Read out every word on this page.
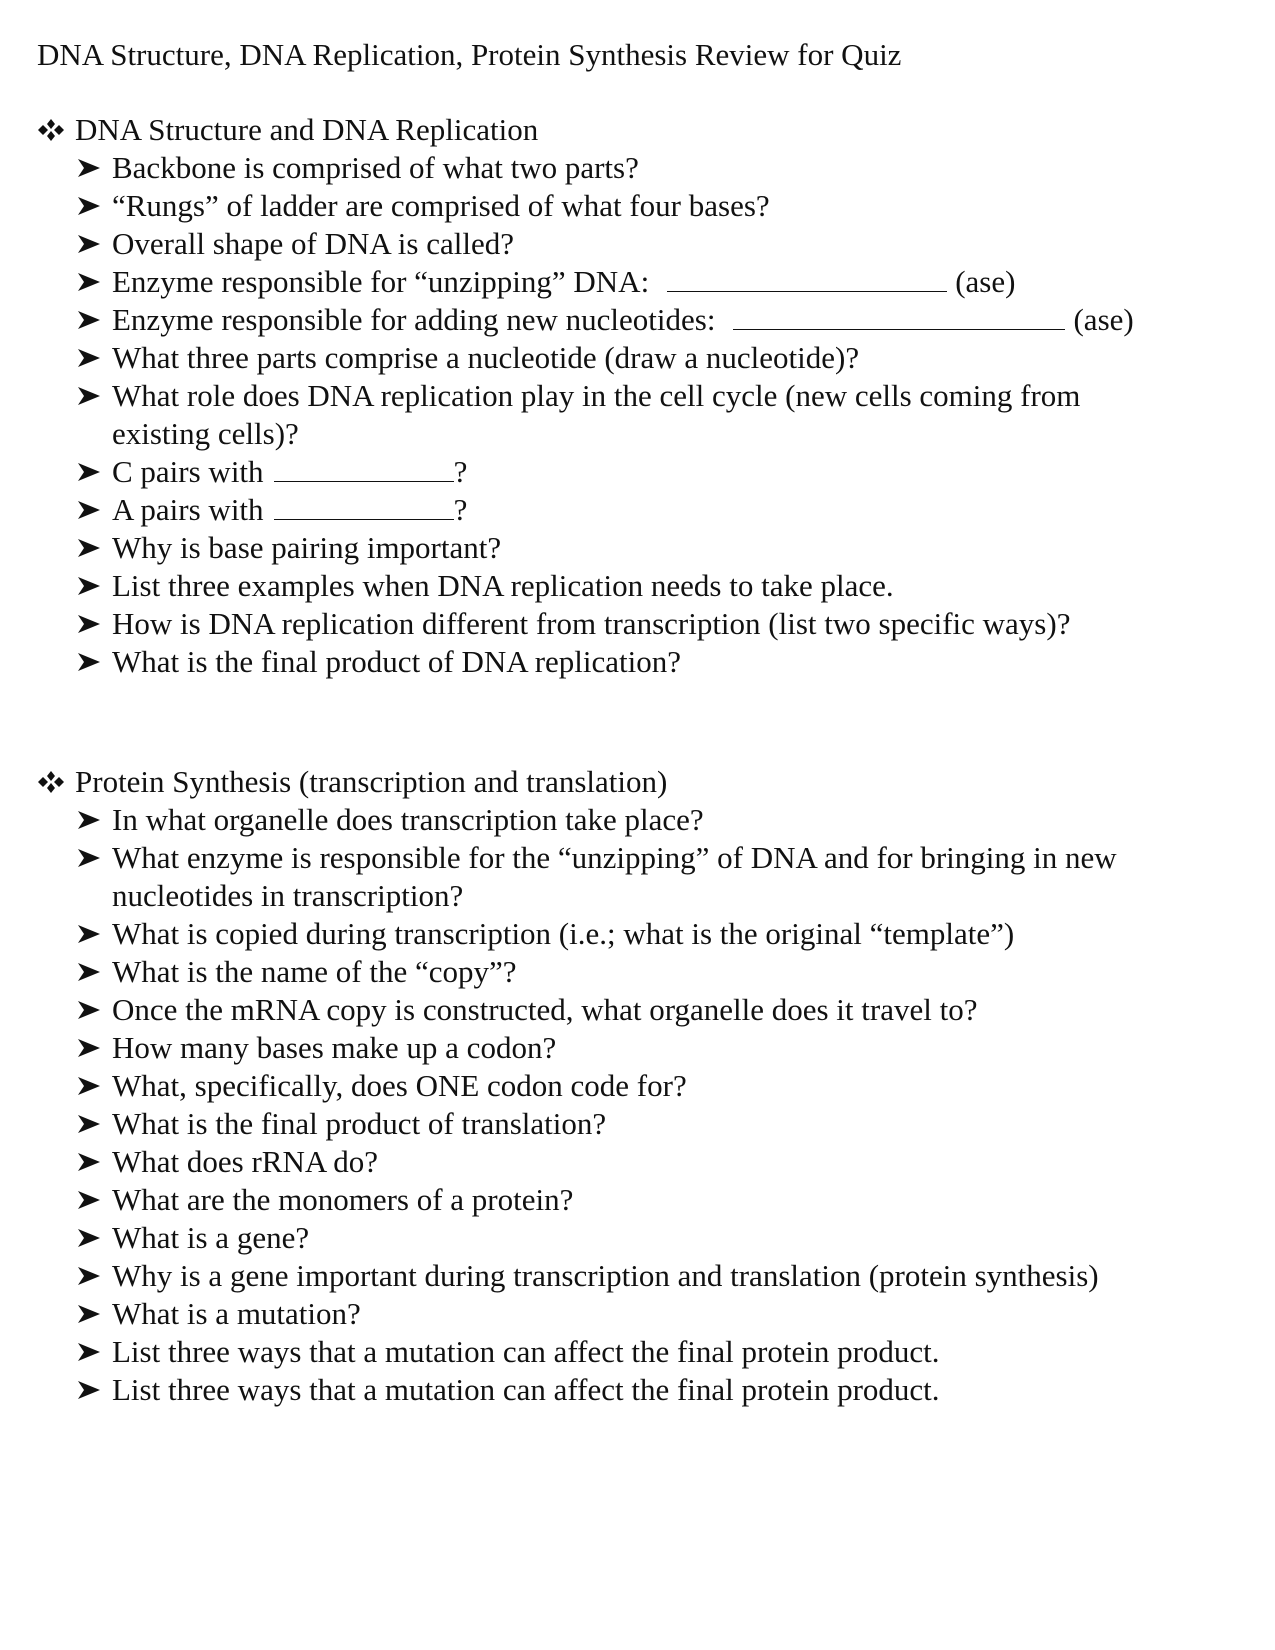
DNA Structure, DNA Replication, Protein Synthesis Review for Quiz
DNA Structure and DNA Replication
Backbone is comprised of what two parts?
“Rungs” of ladder are comprised of what four bases?
Overall shape of DNA is called?
Enzyme responsible for “unzipping” DNA:	(ase)
Enzyme responsible for adding new nucleotides:	(ase)
What three parts comprise a nucleotide (draw a nucleotide)?
What role does DNA replication play in the cell cycle (new cells coming from existing cells)?
C pairs with	?
A pairs with	?
Why is base pairing important?
List three examples when DNA replication needs to take place.
How is DNA replication different from transcription (list two specific ways)?
What is the final product of DNA replication?
Protein Synthesis (transcription and translation)
In what organelle does transcription take place?
What enzyme is responsible for the “unzipping” of DNA and for bringing in new nucleotides in transcription?
What is copied during transcription (i.e.; what is the original “template”)
What is the name of the “copy”?
Once the mRNA copy is constructed, what organelle does it travel to?
How many bases make up a codon?
What, specifically, does ONE codon code for?
What is the final product of translation?
What does rRNA do?
What are the monomers of a protein?
What is a gene?
Why is a gene important during transcription and translation (protein synthesis)
What is a mutation?
List three ways that a mutation can affect the final protein product.
List three ways that a mutation can affect the final protein product.
